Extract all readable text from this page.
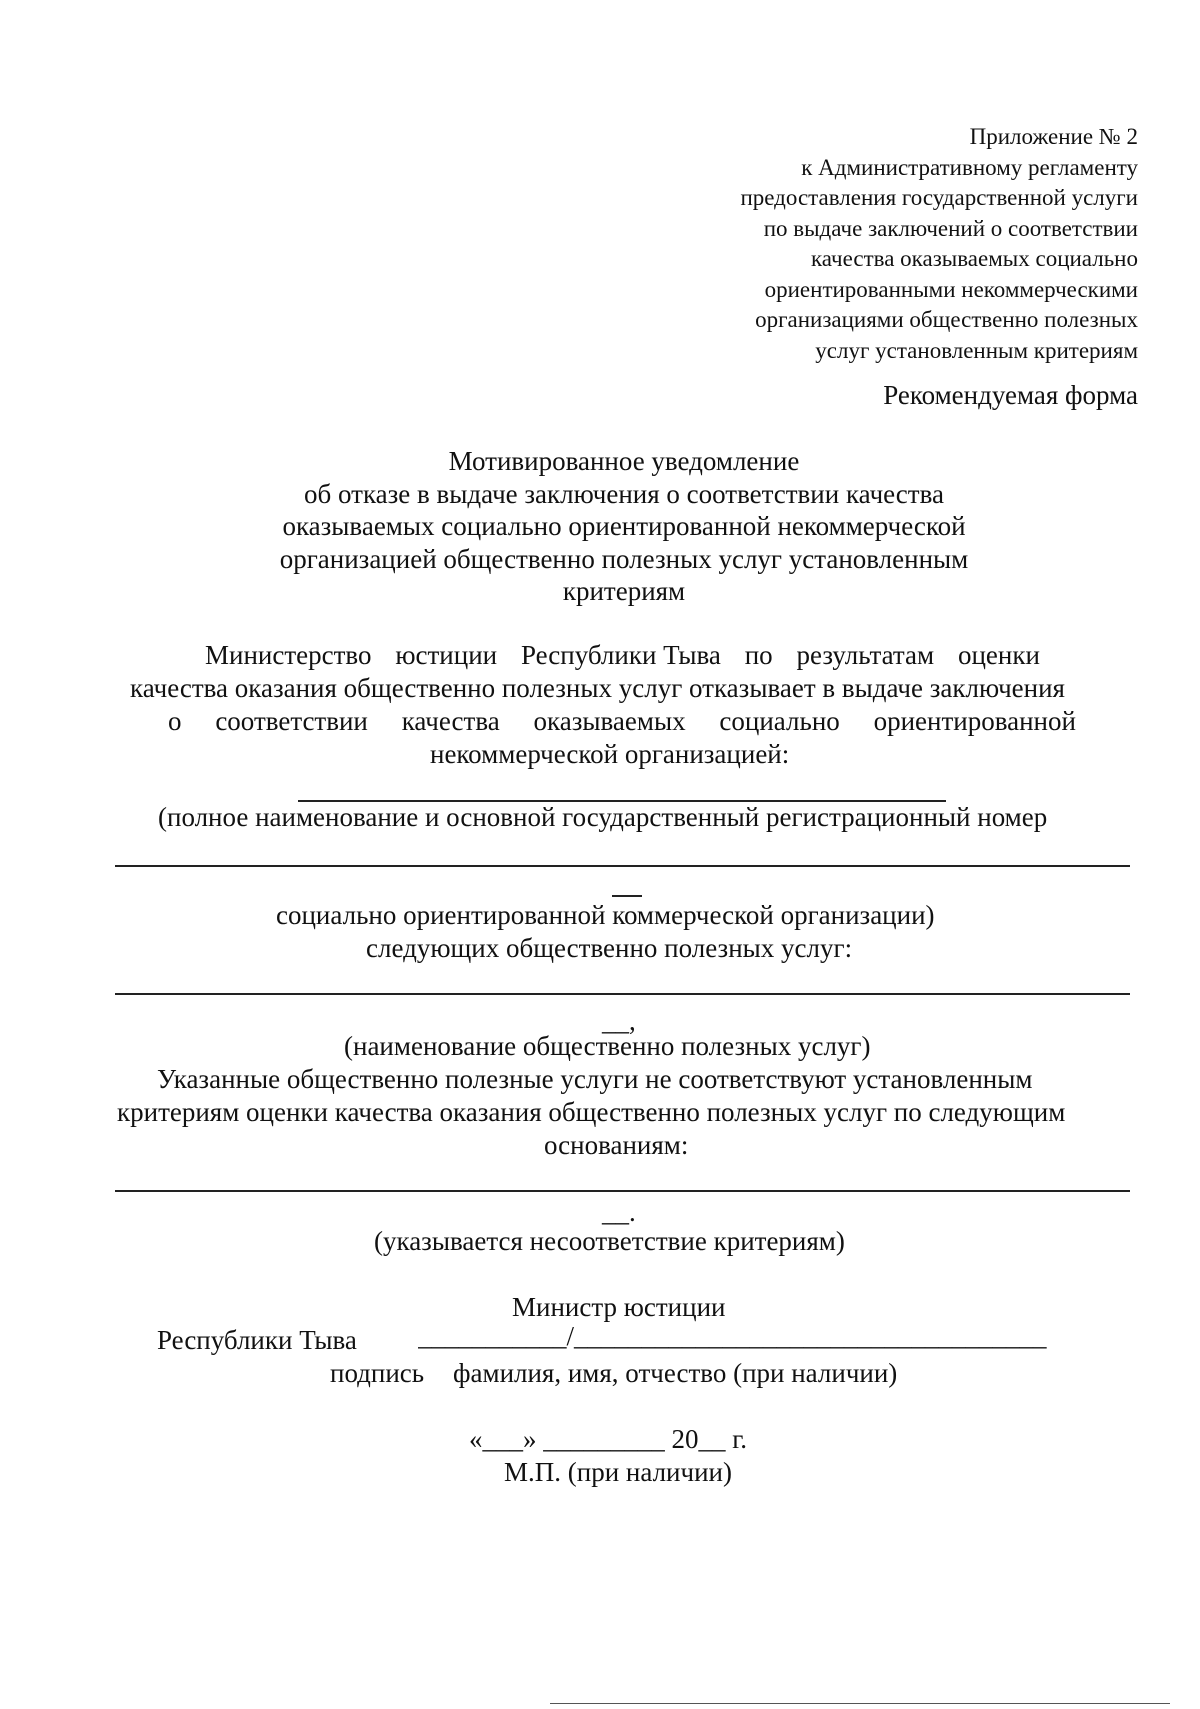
Приложение № 2
к Административному регламенту
предоставления государственной услуги
по выдаче заключений о соответствии
качества оказываемых социально
ориентированными некоммерческими
организациями общественно полезных
услуг установленным критериям
Рекомендуемая форма
Мотивированное уведомление
об отказе в выдаче заключения о соответствии качества
оказываемых социально ориентированной некоммерческой
организацией общественно полезных услуг установленным
критериям
Министерство юстиции Республики Тыва по результатам оценки
качества оказания общественно полезных услуг отказывает в выдаче заключения
о соответствии качества оказываемых социально ориентированной
некоммерческой организацией:
(полное наименование и основной государственный регистрационный номер
социально ориентированной коммерческой организации)
следующих общественно полезных услуг:
__,
(наименование общественно полезных услуг)
Указанные общественно полезные услуги не соответствуют установленным
критериям оценки качества оказания общественно полезных услуг по следующим
основаниям:
__.
(указывается несоответствие критериям)
Министр юстиции
Республики Тыва ___________/___________________________________
подпись фамилия, имя, отчество (при наличии)
«___» _________ 20__ г.
М.П. (при наличии)
